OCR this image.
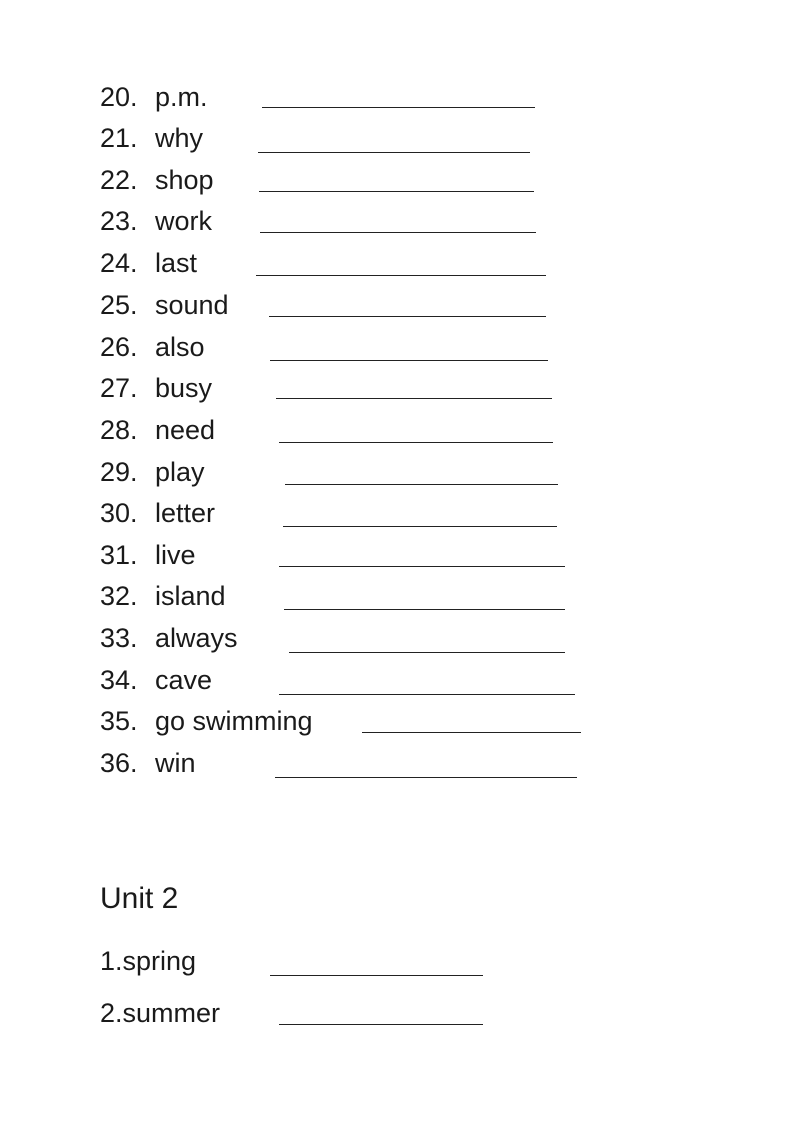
20. p.m.
21. why
22. shop
23. work
24. last
25. sound
26. also
27. busy
28. need
29. play
30. letter
31. live
32. island
33. always
34. cave
35. go swimming
36. win
Unit 2
1.spring
2.summer
